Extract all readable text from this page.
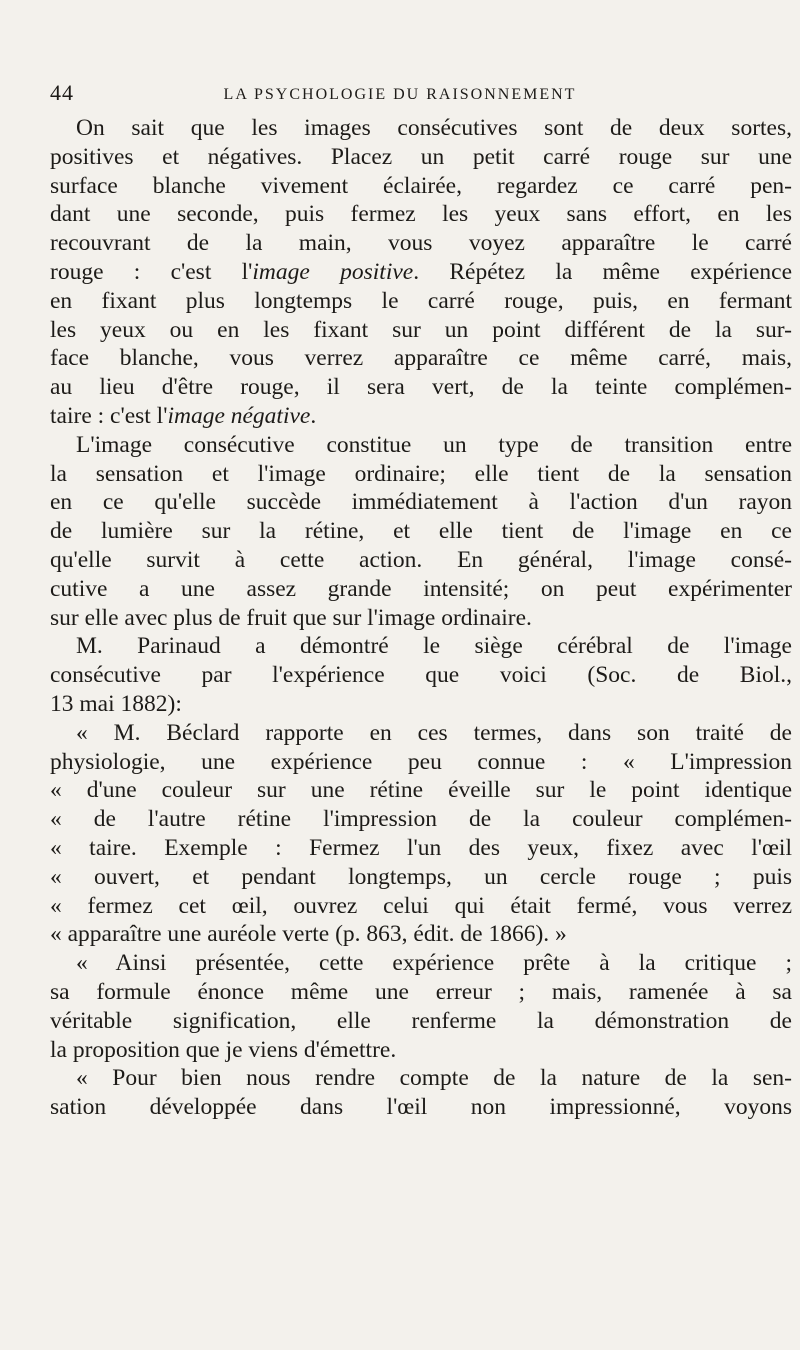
44	LA PSYCHOLOGIE DU RAISONNEMENT

On sait que les images consécutives sont de deux sortes,

positives et négatives. Placez un petit carré rouge sur une

surface blanche vivement éclairée, regardez ce carré pen-

dant une seconde, puis fermez les yeux sans effort, en les

recouvrant de la main, vous voyez apparaître le carré

rouge : c'est l'image positive. Répétez la même expérience

en fixant plus longtemps le carré rouge, puis, en fermant

les yeux ou en les fixant sur un point différent de la sur-

face blanche, vous verrez apparaître ce même carré, mais,

au lieu d'être rouge, il sera vert, de la teinte complémen-

taire : c'est l'image négative.

L'image consécutive constitue un type de transition entre

la sensation et l'image ordinaire; elle tient de la sensation

en ce qu'elle succède immédiatement à l'action d'un rayon

de lumière sur la rétine, et elle tient de l'image en ce

qu'elle survit à cette action. En général, l'image consé-

cutive a une assez grande intensité; on peut expérimenter

sur elle avec plus de fruit que sur l'image ordinaire.

M. Parinaud a démontré le siège cérébral de l'image

consécutive par l'expérience que voici (Soc. de Biol.,

13 mai 1882):

« M. Béclard rapporte en ces termes, dans son traité de

physiologie, une expérience peu connue : « L'impression

« d'une couleur sur une rétine éveille sur le point identique

« de l'autre rétine l'impression de la couleur complémen-

« taire. Exemple : Fermez l'un des yeux, fixez avec l'œil

« ouvert, et pendant longtemps, un cercle rouge ; puis

« fermez cet œil, ouvrez celui qui était fermé, vous verrez

« apparaître une auréole verte (p. 863, édit. de 1866). »

« Ainsi présentée, cette expérience prête à la critique ;

sa formule énonce même une erreur ; mais, ramenée à sa

véritable signification, elle renferme la démonstration de

la proposition que je viens d'émettre.

« Pour bien nous rendre compte de la nature de la sen-

sation développée dans l'œil non impressionné, voyons
